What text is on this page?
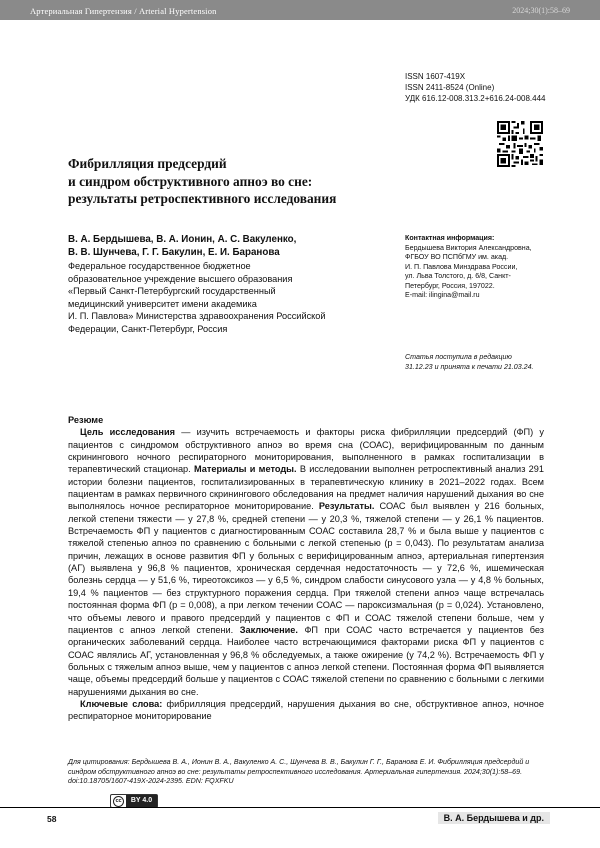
Артериальная Гипертензия / Arterial Hypertension	2024;30(1):58–69
ISSN 1607-419X
ISSN 2411-8524 (Online)
УДК 616.12-008.313.2+616.24-008.444
Фибрилляция предсердий
и синдром обструктивного апноэ во сне:
результаты ретроспективного исследования
В. А. Бердышева, В. А. Ионин, А. С. Вакуленко,
В. В. Шунчева, Г. Г. Бакулин, Е. И. Баранова
Федеральное государственное бюджетное
образовательное учреждение высшего образования
«Первый Санкт-Петербургский государственный
медицинский университет имени академика
И. П. Павлова» Министерства здравоохранения Российской
Федерации, Санкт-Петербург, Россия
Контактная информация:
Бердышева Виктория Александровна,
ФГБОУ ВО ПСПбГМУ им. акад.
И. П. Павлова Минздрава России,
ул. Льва Толстого, д. 6/8, Санкт-
Петербург, Россия, 197022.
E-mail: ilingina@mail.ru
Статья поступила в редакцию
31.12.23 и принята к печати 21.03.24.
Резюме

Цель исследования — изучить встречаемость и факторы риска фибрилляции предсердий (ФП) у пациентов с синдромом обструктивного апноэ во время сна (СОАС), верифицированным по данным скринингового ночного респираторного мониторирования, выполненного в рамках госпитализации в терапевтический стационар. Материалы и методы. В исследовании выполнен ретроспективный анализ 291 истории болезни пациентов, госпитализированных в терапевтическую клинику в 2021–2022 годах. Всем пациентам в рамках первичного скринингового обследования на предмет наличия нарушений дыхания во сне выполнялось ночное респираторное мониторирование. Результаты. СОАС был выявлен у 216 больных, легкой степени тяжести — у 27,8 %, средней степени — у 20,3 %, тяжелой степени — у 26,1 % пациентов. Встречаемость ФП у пациентов с диагностированным СОАС составила 28,7 % и была выше у пациентов с тяжелой степенью апноэ по сравнению с больными с легкой степенью (p = 0,043). По результатам анализа причин, лежащих в основе развития ФП у больных с верифицированным апноэ, артериальная гипертензия (АГ) выявлена у 96,8 % пациентов, хроническая сердечная недостаточность — у 72,6 %, ишемическая болезнь сердца — у 51,6 %, тиреотоксикоз — у 6,5 %, синдром слабости синусового узла — у 4,8 % больных, 19,4 % пациентов — без структурного поражения сердца. При тяжелой степени апноэ чаще встречалась постоянная форма ФП (p = 0,008), а при легком течении СОАС — пароксизмальная (p = 0,024). Установлено, что объемы левого и правого предсердий у пациентов с ФП и СОАС тяжелой степени больше, чем у пациентов с апноэ легкой степени. Заключение. ФП при СОАС часто встречается у пациентов без органических заболеваний сердца. Наиболее часто встречающимися факторами риска ФП у пациентов с СОАС являлись АГ, установленная у 96,8 % обследуемых, а также ожирение (у 74,2 %). Встречаемость ФП у больных с тяжелым апноэ выше, чем у пациентов с апноэ легкой степени. Постоянная форма ФП выявляется чаще, объемы предсердий больше у пациентов с СОАС тяжелой степени по сравнению с больными с легкими нарушениями дыхания во сне.

Ключевые слова: фибрилляция предсердий, нарушения дыхания во сне, обструктивное апноэ, ночное респираторное мониторирование

Для цитирования: Бердышева В. А., Ионин В. А., Вакуленко А. С., Шунчева В. В., Бакулин Г. Г., Баранова Е. И. Фибрилляция предсердий и синдром обструктивного апноэ во сне: результаты ретроспективного исследования. Артериальная гипертензия. 2024;30(1):58–69. doi:10.18705/1607-419X-2024-2395. EDN: FQXFKU
cc	BY 4.0
58	В. А. Бердышева и др.
